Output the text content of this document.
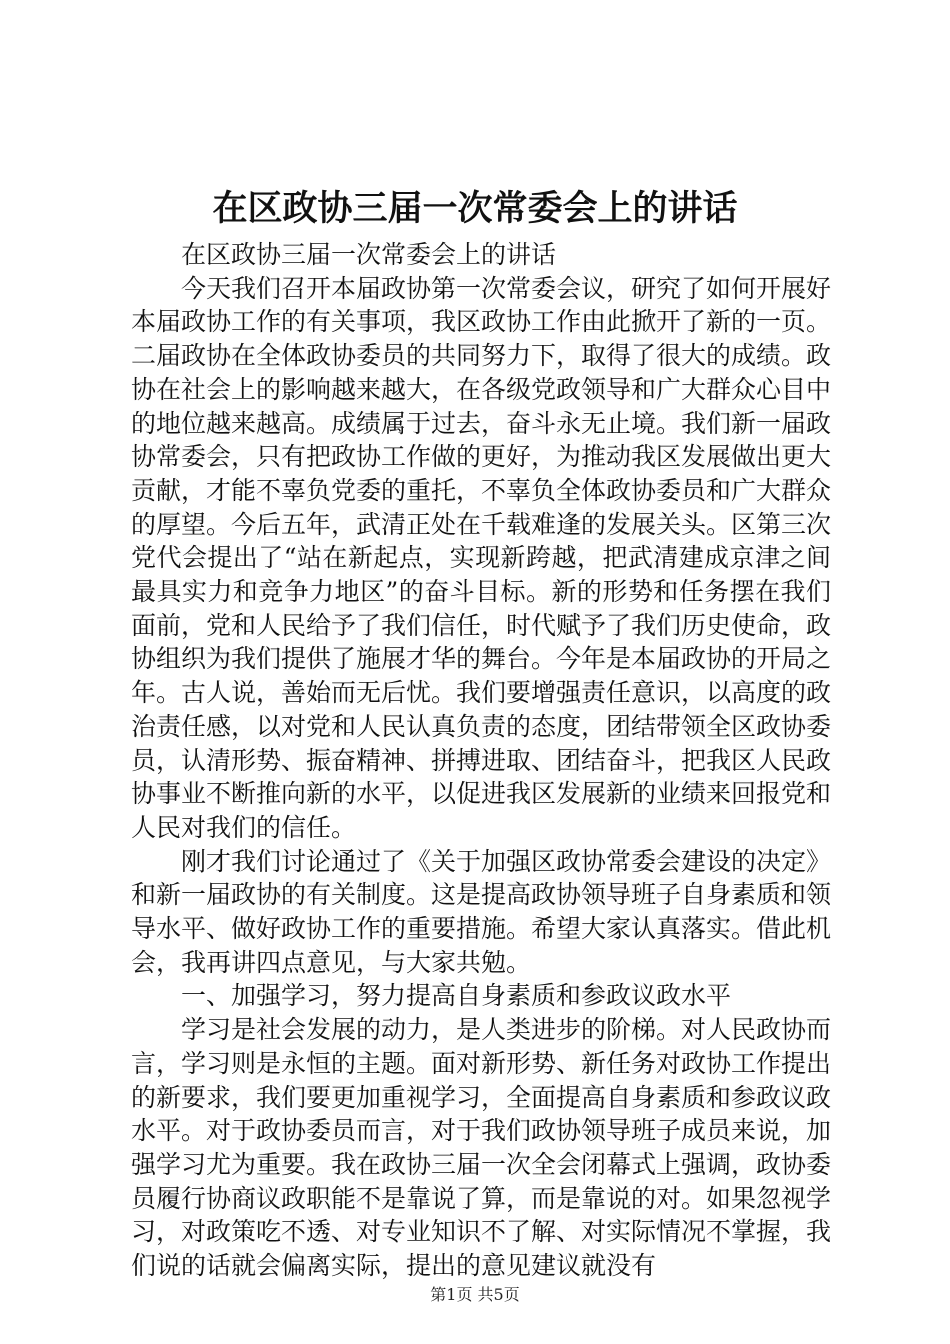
在区政协三届一次常委会上的讲话

在区政协三届一次常委会上的讲话

今天我们召开本届政协第一次常委会议，研究了如何开展好本届政协工作的有关事项，我区政协工作由此掀开了新的一页。二届政协在全体政协委员的共同努力下，取得了很大的成绩。政协在社会上的影响越来越大，在各级党政领导和广大群众心目中的地位越来越高。成绩属于过去，奋斗永无止境。我们新一届政协常委会，只有把政协工作做的更好，为推动我区发展做出更大贡献，才能不辜负党委的重托，不辜负全体政协委员和广大群众的厚望。今后五年，武清正处在千载难逢的发展关头。区第三次党代会提出了“站在新起点，实现新跨越，把武清建成京津之间最具实力和竞争力地区”的奋斗目标。新的形势和任务摆在我们面前，党和人民给予了我们信任，时代赋予了我们历史使命，政协组织为我们提供了施展才华的舞台。今年是本届政协的开局之年。古人说，善始而无后忧。我们要增强责任意识，以高度的政治责任感，以对党和人民认真负责的态度，团结带领全区政协委员，认清形势、振奋精神、拼搏进取、团结奋斗，把我区人民政协事业不断推向新的水平，以促进我区发展新的业绩来回报党和人民对我们的信任。

刚才我们讨论通过了《关于加强区政协常委会建设的决定》和新一届政协的有关制度。这是提高政协领导班子自身素质和领导水平、做好政协工作的重要措施。希望大家认真落实。借此机会，我再讲四点意见，与大家共勉。

一、加强学习，努力提高自身素质和参政议政水平

学习是社会发展的动力，是人类进步的阶梯。对人民政协而言，学习则是永恒的主题。面对新形势、新任务对政协工作提出的新要求，我们要更加重视学习，全面提高自身素质和参政议政水平。对于政协委员而言，对于我们政协领导班子成员来说，加强学习尤为重要。我在政协三届一次全会闭幕式上强调，政协委员履行协商议政职能不是靠说了算，而是靠说的对。如果忽视学习，对政策吃不透、对专业知识不了解、对实际情况不掌握，我们说的话就会偏离实际，提出的意见建议就没有

第1页 共5页
